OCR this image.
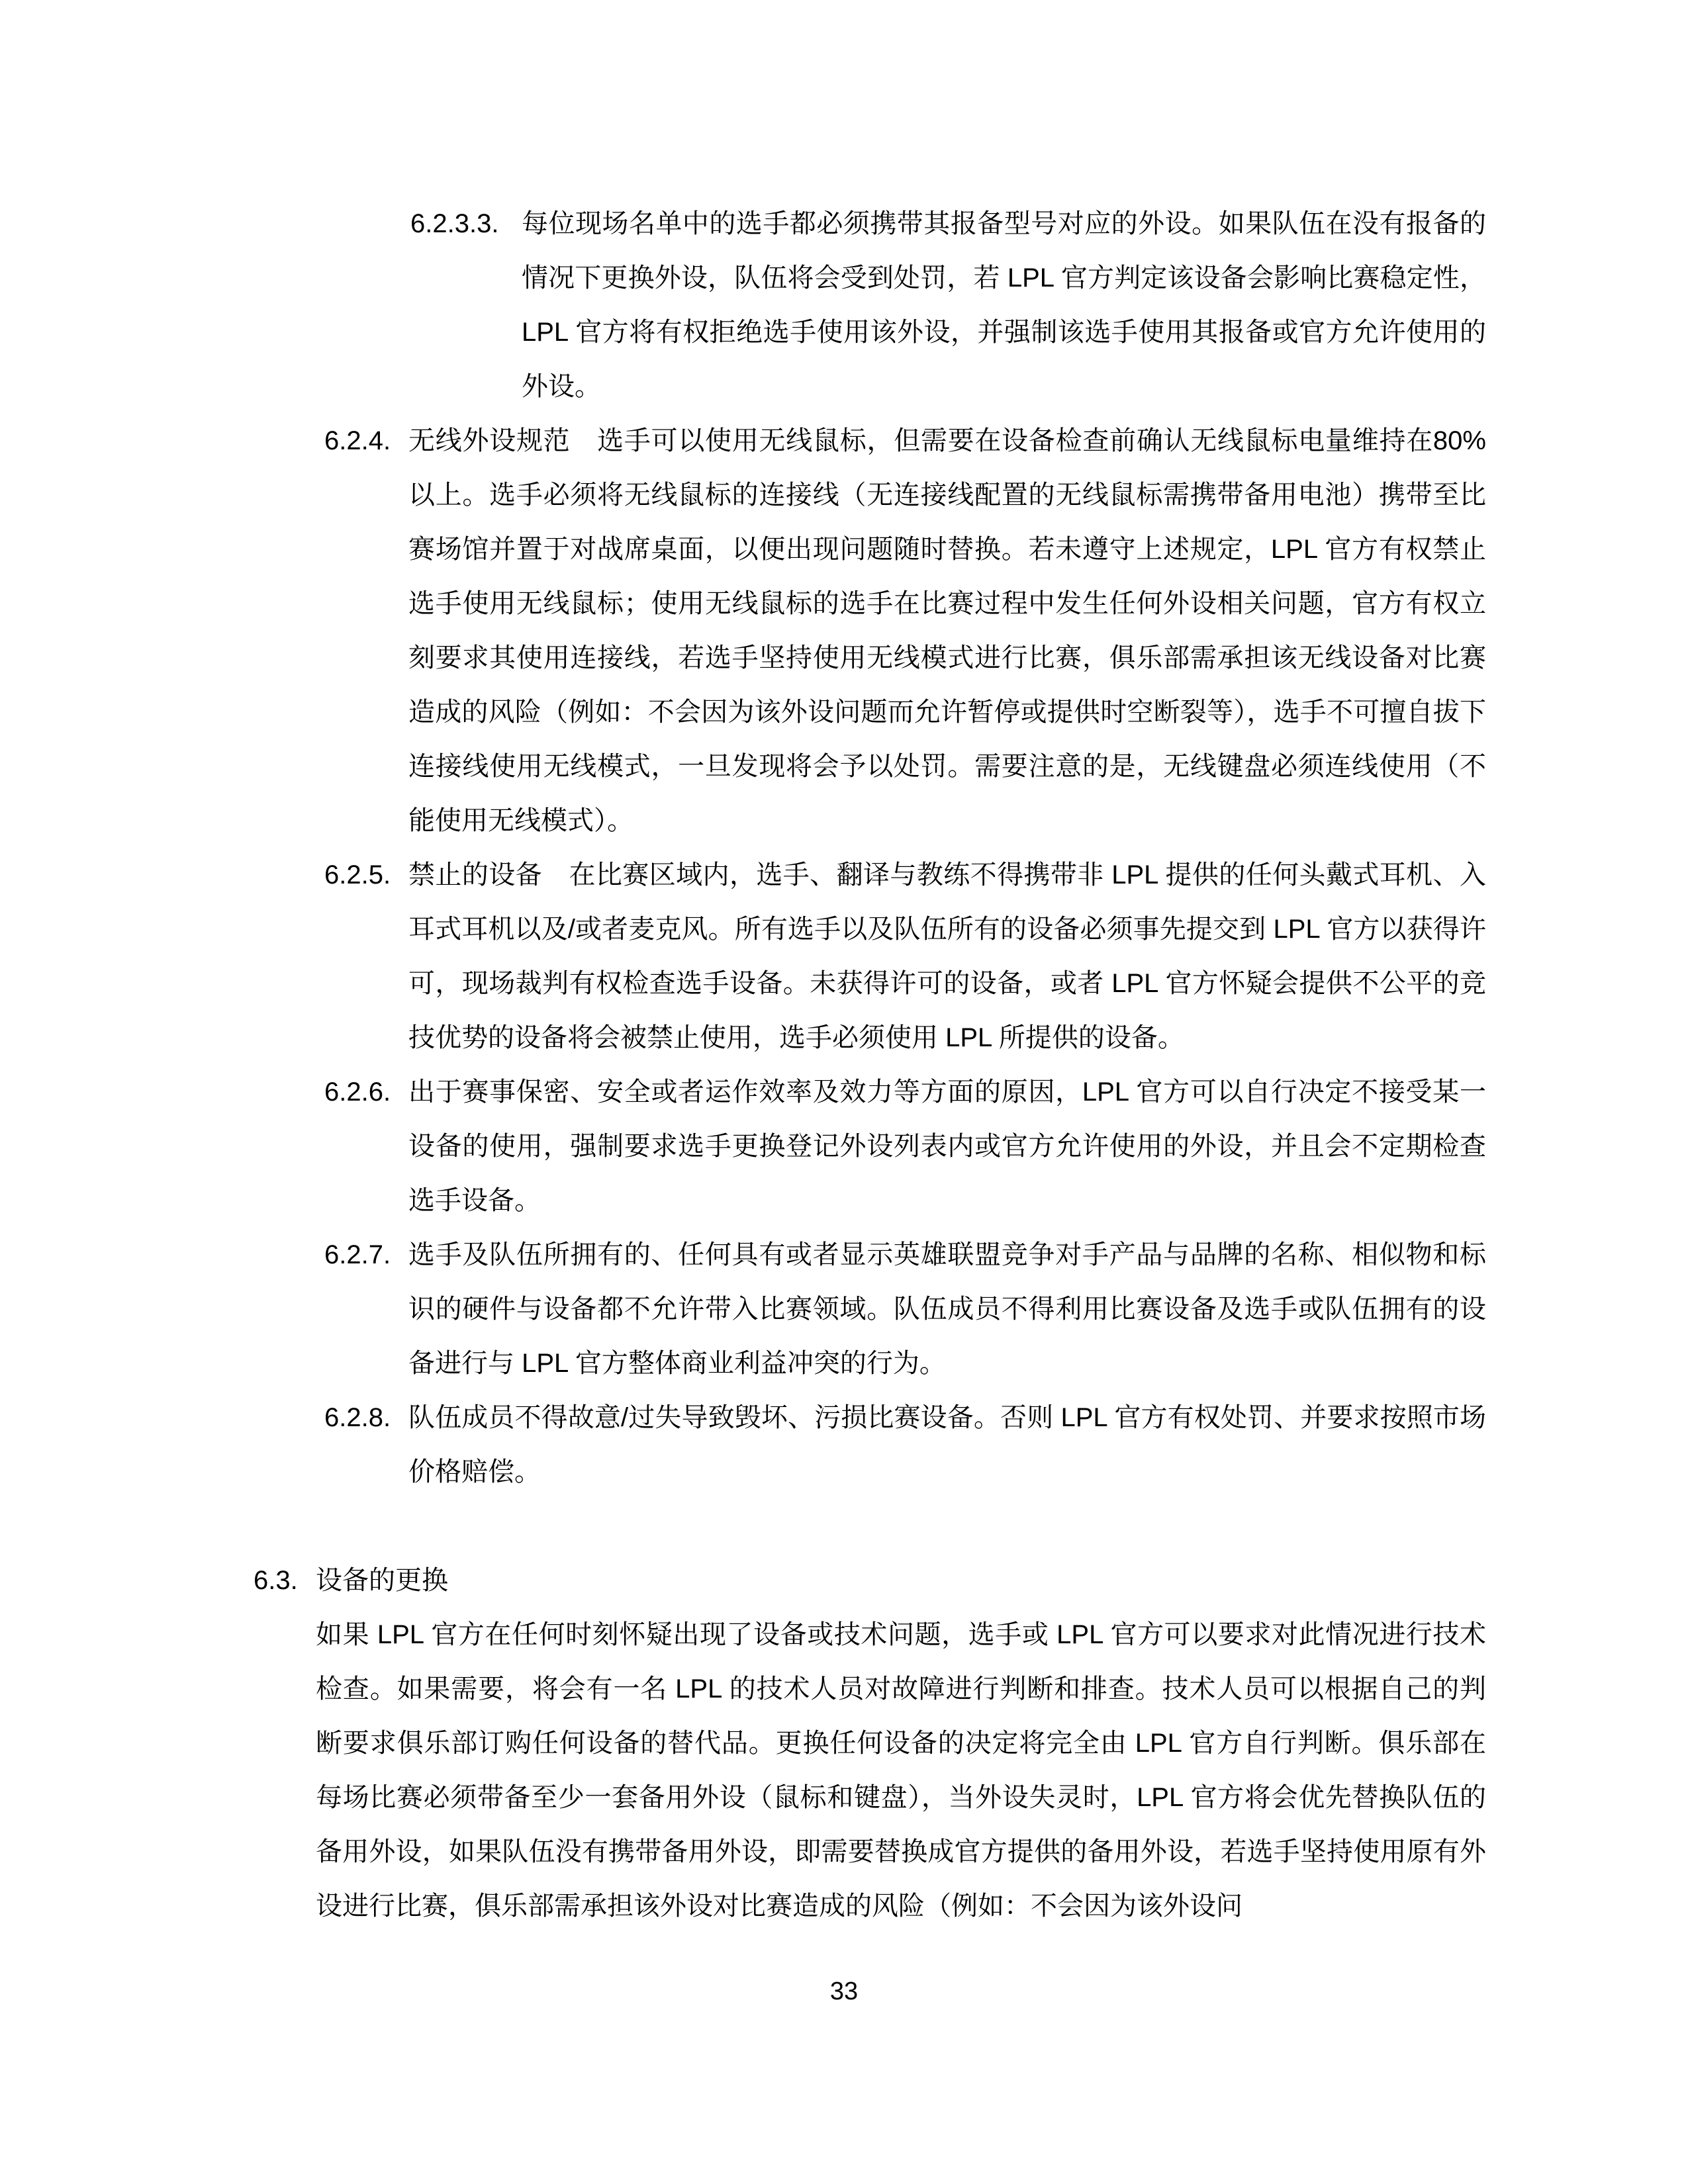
6.2.3.3. 每位现场名单中的选手都必须携带其报备型号对应的外设。如果队伍在没有报备的情况下更换外设，队伍将会受到处罚，若 LPL 官方判定该设备会影响比赛稳定性，LPL 官方将有权拒绝选手使用该外设，并强制该选手使用其报备或官方允许使用的外设。
6.2.4. 无线外设规范　选手可以使用无线鼠标，但需要在设备检查前确认无线鼠标电量维持在80%以上。选手必须将无线鼠标的连接线（无连接线配置的无线鼠标需携带备用电池）携带至比赛场馆并置于对战席桌面，以便出现问题随时替换。若未遵守上述规定，LPL 官方有权禁止选手使用无线鼠标；使用无线鼠标的选手在比赛过程中发生任何外设相关问题，官方有权立刻要求其使用连接线，若选手坚持使用无线模式进行比赛，俱乐部需承担该无线设备对比赛造成的风险（例如：不会因为该外设问题而允许暂停或提供时空断裂等），选手不可擅自拔下连接线使用无线模式，一旦发现将会予以处罚。需要注意的是，无线键盘必须连线使用（不能使用无线模式）。
6.2.5. 禁止的设备　在比赛区域内，选手、翻译与教练不得携带非 LPL 提供的任何头戴式耳机、入耳式耳机以及/或者麦克风。所有选手以及队伍所有的设备必须事先提交到 LPL 官方以获得许可，现场裁判有权检查选手设备。未获得许可的设备，或者 LPL 官方怀疑会提供不公平的竞技优势的设备将会被禁止使用，选手必须使用 LPL 所提供的设备。
6.2.6. 出于赛事保密、安全或者运作效率及效力等方面的原因，LPL 官方可以自行决定不接受某一设备的使用，强制要求选手更换登记外设列表内或官方允许使用的外设，并且会不定期检查选手设备。
6.2.7. 选手及队伍所拥有的、任何具有或者显示英雄联盟竞争对手产品与品牌的名称、相似物和标识的硬件与设备都不允许带入比赛领域。队伍成员不得利用比赛设备及选手或队伍拥有的设备进行与 LPL 官方整体商业利益冲突的行为。
6.2.8. 队伍成员不得故意/过失导致毁坏、污损比赛设备。否则 LPL 官方有权处罚、并要求按照市场价格赔偿。
6.3. 设备的更换
如果 LPL 官方在任何时刻怀疑出现了设备或技术问题，选手或 LPL 官方可以要求对此情况进行技术检查。如果需要，将会有一名 LPL 的技术人员对故障进行判断和排查。技术人员可以根据自己的判断要求俱乐部订购任何设备的替代品。更换任何设备的决定将完全由 LPL 官方自行判断。俱乐部在每场比赛必须带备至少一套备用外设（鼠标和键盘），当外设失灵时，LPL 官方将会优先替换队伍的备用外设，如果队伍没有携带备用外设，即需要替换成官方提供的备用外设，若选手坚持使用原有外设进行比赛，俱乐部需承担该外设对比赛造成的风险（例如：不会因为该外设问
33
